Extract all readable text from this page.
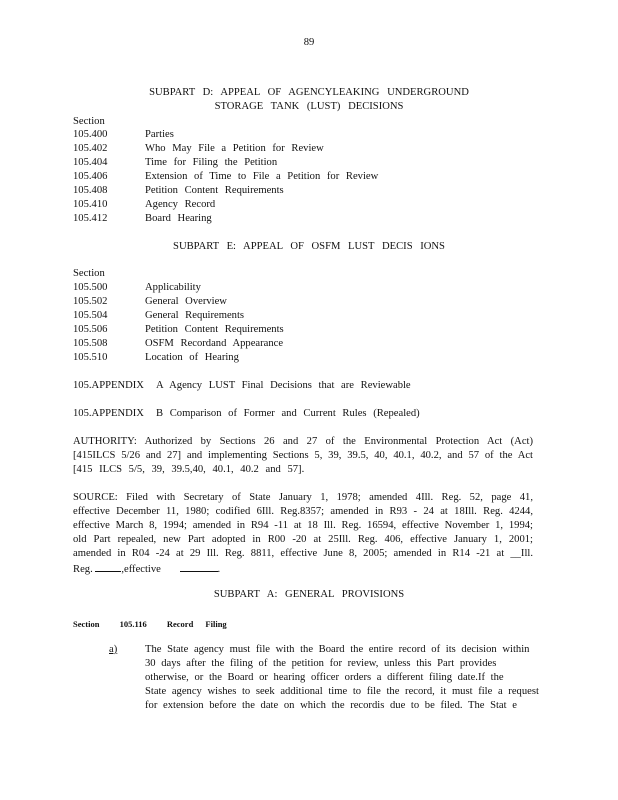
89
SUBPART D: APPEAL OF AGENCYLEAKING UNDERGROUND
STORAGE TANK (LUST) DECISIONS
Section
105.400	Parties
105.402	Who May File a Petition for Review
105.404	Time for Filing the Petition
105.406	Extension of Time to File a Petition for Review
105.408	Petition Content Requirements
105.410	Agency Record
105.412	Board Hearing
SUBPART E: APPEAL OF OSFM LUST DECIS IONS
Section
105.500	Applicability
105.502	General Overview
105.504	General Requirements
105.506	Petition Content Requirements
105.508	OSFM Recordand Appearance
105.510	Location of Hearing
105.APPENDIX A Agency LUST Final Decisions that are Reviewable
105.APPENDIX B Comparison of Former and Current Rules (Repealed)
AUTHORITY: Authorized by Sections 26 and 27 of the Environmental Protection Act (Act)
[415ILCS 5/26 and 27] and implementing Sections 5, 39, 39.5, 40, 40.1, 40.2, and 57 of the Act
[415 ILCS 5/5, 39, 39.5,40, 40.1, 40.2 and 57].
SOURCE: Filed with Secretary of State January 1, 1978; amended 4Ill. Reg. 52, page 41,
effective December 11, 1980; codified 6Ill. Reg.8357; amended in R93 - 24 at 18Ill. Reg. 4244,
effective March 8, 1994; amended in R94 -11 at 18 Ill. Reg. 16594, effective November 1, 1994;
old Part repealed, new Part adopted in R00 -20 at 25Ill. Reg. 406, effective January 1, 2001;
amended in R04 -24 at 29 Ill. Reg. 8811, effective June 8, 2005; amended in R14 -21 at __Ill.
Reg.	,effective	.
SUBPART A: GENERAL PROVISIONS
Section 105.116 Record Filing
a)	The State agency must file with the Board the entire record of its decision within
30 days after the filing of the petition for review, unless this Part provides
otherwise, or the Board or hearing officer orders a different filing date.If the
State agency wishes to seek additional time to file the record, it must file a request
for extension before the date on which the recordis due to be filed. The Stat e
